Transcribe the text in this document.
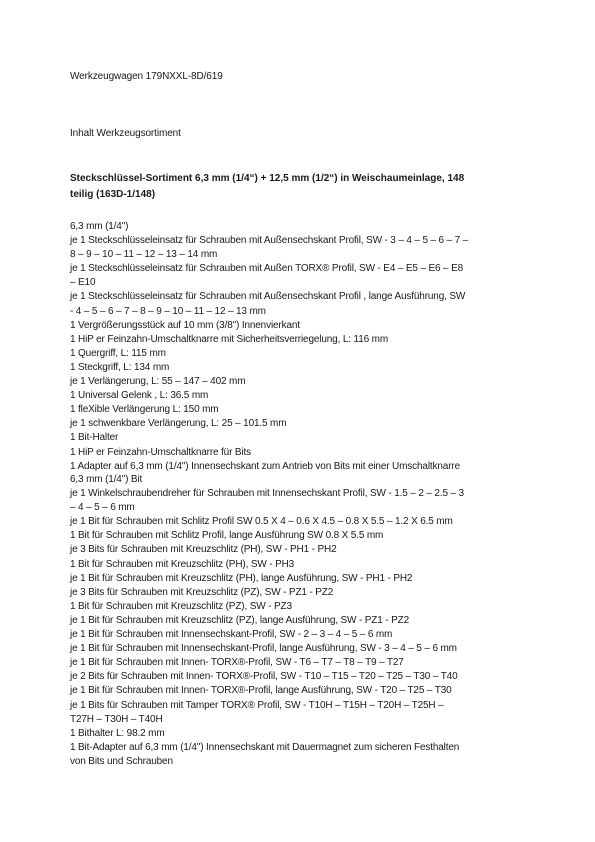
Werkzeugwagen 179NXXL-8D/619
Inhalt Werkzeugsortiment
Steckschlüssel-Sortiment 6,3 mm (1/4“) + 12,5 mm (1/2“) in Weischaumeinlage, 148
teilig (163D-1/148)
6,3 mm (1/4")
je 1 Steckschlüsseleinsatz für Schrauben mit Außensechskant Profil, SW - 3 – 4 – 5 – 6 – 7 –
8 – 9 – 10 – 11 – 12 – 13 – 14 mm
je 1 Steckschlüsseleinsatz für Schrauben mit Außen TORX® Profil, SW - E4 – E5 – E6 – E8
– E10
je 1 Steckschlüsseleinsatz für Schrauben mit Außensechskant Profil , lange Ausführung, SW
- 4 – 5 – 6 – 7 – 8 – 9 – 10 – 11 – 12 – 13 mm
1 Vergrößerungsstück auf 10 mm (3/8") Innenvierkant
1 HiP er Feinzahn-Umschaltknarre mit Sicherheitsverriegelung, L: 116 mm
1 Quergriff, L: 115 mm
1 Steckgriff, L: 134 mm
je 1 Verlängerung, L: 55 – 147 – 402 mm
1 Universal Gelenk , L: 36.5 mm
1 fleXible Verlängerung L: 150 mm
je 1 schwenkbare Verlängerung, L: 25 – 101.5 mm
1 Bit-Halter
1 HiP er Feinzahn-Umschaltknarre für Bits
1 Adapter auf 6,3 mm (1/4") Innensechskant zum Antrieb von Bits mit einer Umschaltknarre
6,3 mm (1/4") Bit
je 1 Winkelschraubendreher für Schrauben mit Innensechskant Profil, SW - 1.5 – 2 – 2.5 – 3
– 4 – 5 – 6 mm
je 1 Bit für Schrauben mit Schlitz Profil SW 0.5 X 4 – 0.6 X 4.5 – 0.8 X 5.5 – 1.2 X 6.5 mm
1 Bit für Schrauben mit Schlitz Profil, lange Ausführung SW 0.8 X 5.5 mm
je 3 Bits für Schrauben mit Kreuzschlitz (PH), SW - PH1 - PH2
1 Bit für Schrauben mit Kreuzschlitz (PH), SW - PH3
je 1 Bit für Schrauben mit Kreuzschlitz (PH), lange Ausführung, SW - PH1 - PH2
je 3 Bits für Schrauben mit Kreuzschlitz (PZ), SW - PZ1 - PZ2
1 Bit für Schrauben mit Kreuzschlitz (PZ), SW - PZ3
je 1 Bit für Schrauben mit Kreuzschlitz (PZ), lange Ausführung, SW - PZ1 - PZ2
je 1 Bit für Schrauben mit Innensechskant-Profil, SW - 2 – 3 – 4 – 5 – 6 mm
je 1 Bit für Schrauben mit Innensechskant-Profil, lange Ausführung, SW - 3 – 4 – 5 – 6 mm
je 1 Bit für Schrauben mit Innen- TORX®-Profil, SW - T6 – T7 – T8 – T9 – T27
je 2 Bits für Schrauben mit Innen- TORX®-Profil, SW - T10 – T15 – T20 – T25 – T30 – T40
je 1 Bit für Schrauben mit Innen- TORX®-Profil, lange Ausführung, SW - T20 – T25 – T30
je 1 Bits für Schrauben mit Tamper TORX® Profil, SW - T10H – T15H – T20H – T25H –
T27H – T30H – T40H
1 Bithalter L: 98.2 mm
1 Bit-Adapter auf 6,3 mm (1/4") Innensechskant mit Dauermagnet zum sicheren Festhalten
von Bits und Schrauben
